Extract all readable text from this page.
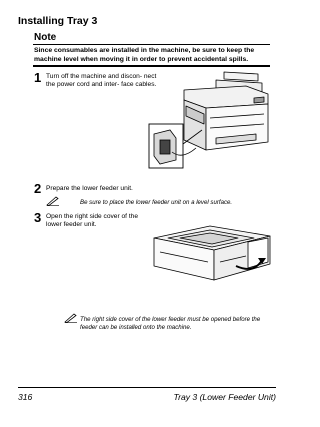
Installing Tray 3
Note
Since consumables are installed in the machine, be sure to keep the machine level when moving it in order to prevent accidental spills.
1 Turn off the machine and discon- nect the power cord and inter- face cables.
2 Prepare the lower feeder unit.
Be sure to place the lower feeder unit on a level surface.
3 Open the right side cover of the lower feeder unit.
The right side cover of the lower feeder must be opened before the feeder can be installed onto the machine.
316	Tray 3 (Lower Feeder Unit)
